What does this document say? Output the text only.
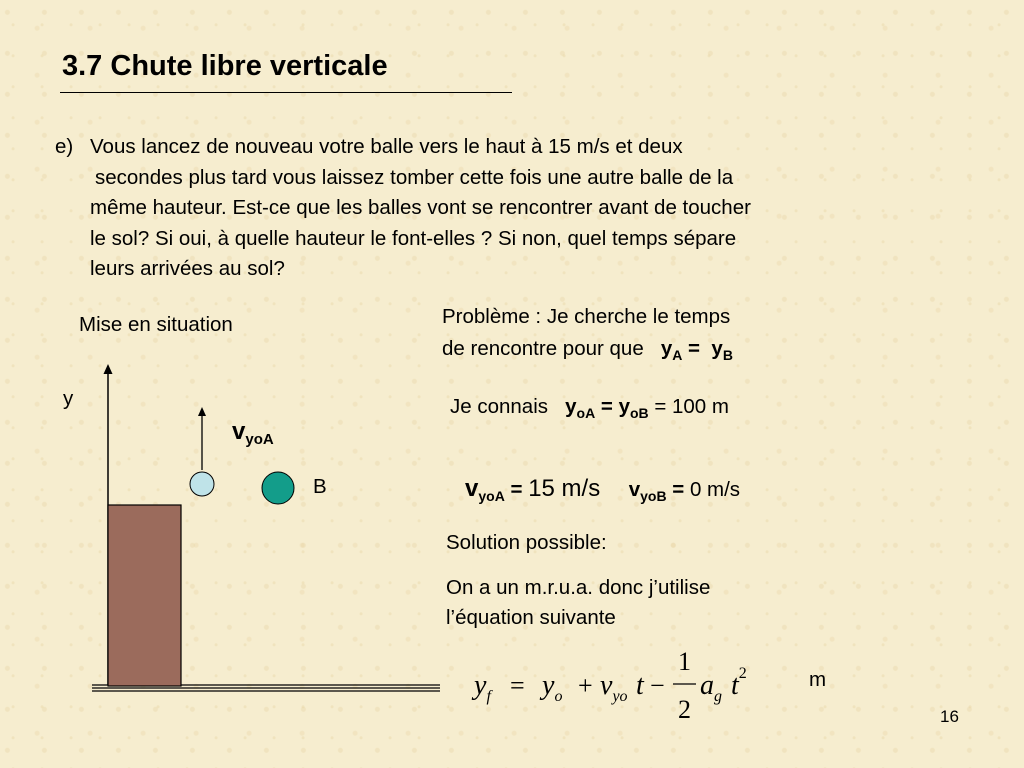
3.7 Chute libre verticale
e) Vous lancez de nouveau votre balle vers le haut à 15 m/s et deux
secondes plus tard vous laissez tomber cette fois une autre balle de la
même hauteur. Est-ce que les balles vont se rencontrer avant de toucher
le sol? Si oui, à quelle hauteur le font-elles ? Si non, quel temps sépare
leurs arrivées au sol?
Mise en situation
y
B
$v_{yoA}$
Problème : Je cherche le temps
de rencontre pour que $y_A = y_B$
Je connais $y_{oA} = y_{oB} = 100$ m
$v_{yoA} = 15$ m/s $v_{yoB} = 0$ m/s
Solution possible:
On a un m.r.u.a. donc j’utilise
l’équation suivante
$y_f = y_o + v_{yo}$ t −
1
2
$a_g$ $t^2$	m
16
